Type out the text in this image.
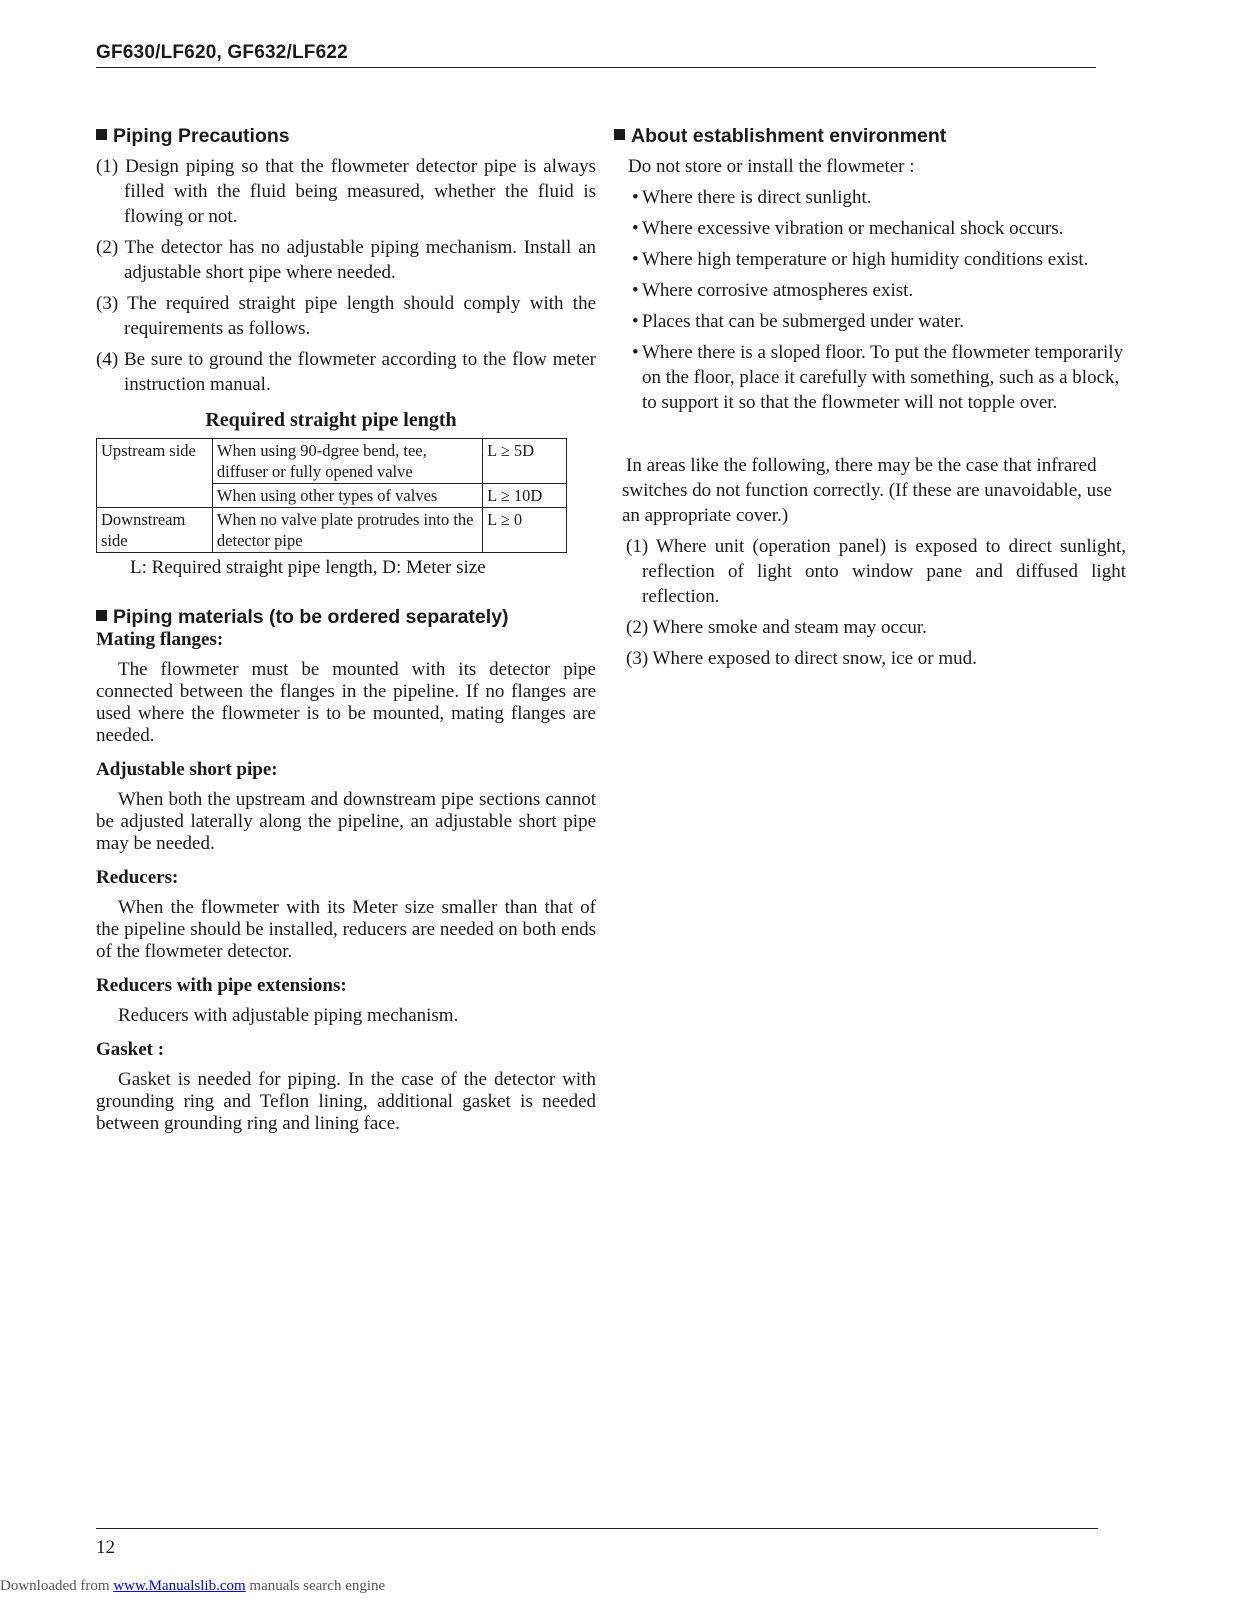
GF630/LF620, GF632/LF622
Piping Precautions
(1) Design piping so that the flowmeter detector pipe is always filled with the fluid being measured, whether the fluid is flowing or not.
(2) The detector has no adjustable piping mechanism. Install an adjustable short pipe where needed.
(3) The required straight pipe length should comply with the requirements as follows.
(4) Be sure to ground the flowmeter according to the flow meter instruction manual.
Required straight pipe length
Upstream side	When using 90-dgree bend, tee, diffuser or fully opened valve	L ≥ 5D
	When using other types of valves	L ≥ 10D
Downstream side	When no valve plate protrudes into the detector pipe	L ≥ 0
L: Required straight pipe length, D: Meter size
Piping materials (to be ordered separately)
Mating flanges:

The flowmeter must be mounted with its detector pipe connected between the flanges in the pipeline. If no flanges are used where the flowmeter is to be mounted, mating flanges are needed.

Adjustable short pipe:

When both the upstream and downstream pipe sections cannot be adjusted laterally along the pipeline, an adjustable short pipe may be needed.

Reducers:

When the flowmeter with its Meter size smaller than that of the pipeline should be installed, reducers are needed on both ends of the flowmeter detector.

Reducers with pipe extensions:

Reducers with adjustable piping mechanism.

Gasket :

Gasket is needed for piping. In the case of the detector with grounding ring and Teflon lining, additional gasket is needed between grounding ring and lining face.

About establishment environment
Do not store or install the flowmeter :
• Where there is direct sunlight.
• Where excessive vibration or mechanical shock occurs.
• Where high temperature or high humidity conditions exist.
• Where corrosive atmospheres exist.
• Places that can be submerged under water.
• Where there is a sloped floor. To put the flowmeter temporarily on the floor, place it carefully with something, such as a block, to support it so that the flowmeter will not topple over.
In areas like the following, there may be the case that infrared switches do not function correctly. (If these are unavoidable, use an appropriate cover.)
(1) Where unit (operation panel) is exposed to direct sunlight, reflection of light onto window pane and diffused light reflection.
(2) Where smoke and steam may occur.
(3) Where exposed to direct snow, ice or mud.
12
Downloaded from www.Manualslib.com manuals search engine
